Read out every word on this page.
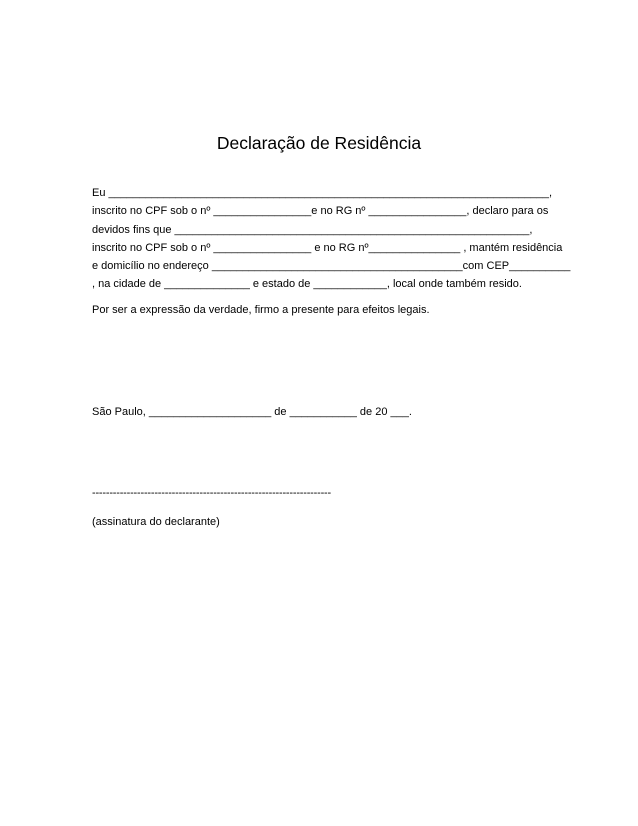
Declaração de Residência
Eu ________________________________________________________________________,
inscrito no CPF sob o nº ________________e no RG nº ________________, declaro para os
devidos fins que __________________________________________________________,
inscrito no CPF sob o nº ________________ e no RG nº_______________ , mantém residência
e domicílio no endereço _________________________________________com CEP__________
, na cidade de ______________ e estado de ____________, local onde também resido.
Por ser a expressão da verdade, firmo a presente para efeitos legais.
São Paulo, ____________________ de ___________ de 20 ___.
---------------------------------------------------------------------
(assinatura do declarante)
